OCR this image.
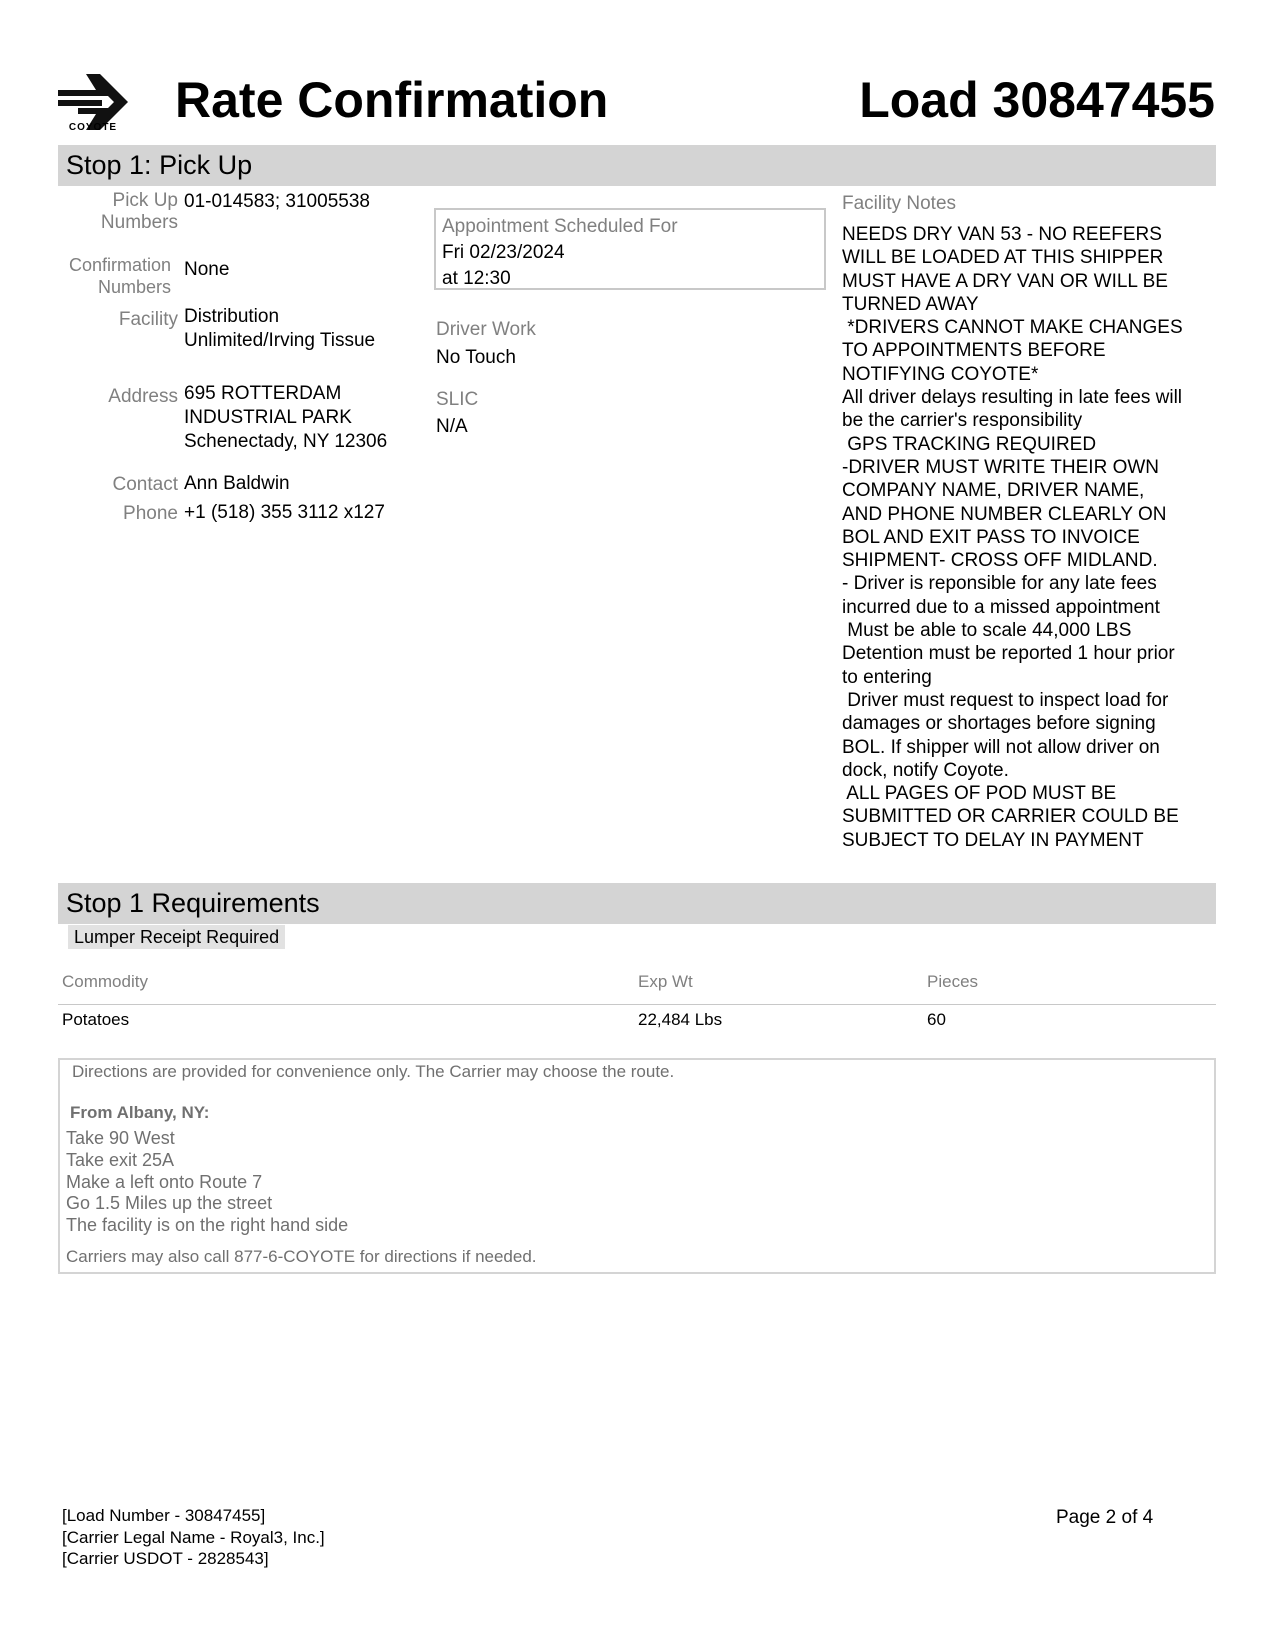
COYOTE Rate Confirmation	Load 30847455
Stop 1: Pick Up
Pick Up
Numbers
01-014583; 31005538
Confirmation
Numbers
None
Facility Distribution
Unlimited/Irving Tissue
Address 695 ROTTERDAM
INDUSTRIAL PARK
Schenectady, NY 12306
Contact Ann Baldwin
Phone +1 (518) 355 3112 x127
Appointment Scheduled For
Fri 02/23/2024
at 12:30
Driver Work
No Touch
SLIC
N/A
Facility Notes
NEEDS DRY VAN 53 - NO REEFERS
WILL BE LOADED AT THIS SHIPPER
MUST HAVE A DRY VAN OR WILL BE
TURNED AWAY
*DRIVERS CANNOT MAKE CHANGES
TO APPOINTMENTS BEFORE
NOTIFYING COYOTE*
All driver delays resulting in late fees will
be the carrier's responsibility
GPS TRACKING REQUIRED
-DRIVER MUST WRITE THEIR OWN
COMPANY NAME, DRIVER NAME,
AND PHONE NUMBER CLEARLY ON
BOL AND EXIT PASS TO INVOICE
SHIPMENT- CROSS OFF MIDLAND.
- Driver is reponsible for any late fees
incurred due to a missed appointment
Must be able to scale 44,000 LBS
Detention must be reported 1 hour prior
to entering
Driver must request to inspect load for
damages or shortages before signing
BOL. If shipper will not allow driver on
dock, notify Coyote.
ALL PAGES OF POD MUST BE
SUBMITTED OR CARRIER COULD BE
SUBJECT TO DELAY IN PAYMENT
Stop 1 Requirements
Lumper Receipt Required
Commodity	Exp Wt	Pieces
Potatoes	22,484 Lbs	60
Directions are provided for convenience only. The Carrier may choose the route.
From Albany, NY:
Take 90 West
Take exit 25A
Make a left onto Route 7
Go 1.5 Miles up the street
The facility is on the right hand side
Carriers may also call 877-6-COYOTE for directions if needed.
[Load Number - 30847455]
[Carrier Legal Name - Royal3, Inc.]
[Carrier USDOT - 2828543]
Page 2 of 4
